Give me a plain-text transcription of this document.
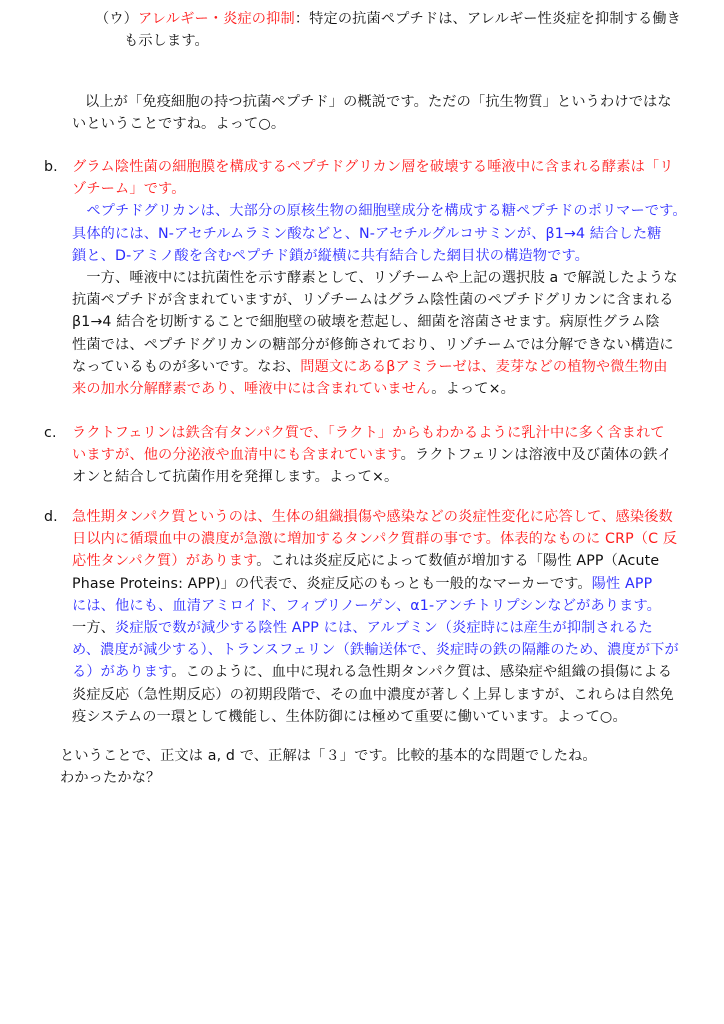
（ウ）アレルギー・炎症の抑制：特定の抗菌ペプチドは、アレルギー性炎症を抑制する働き
も示します。
以上が「免疫細胞の持つ抗菌ペプチド」の概説です。ただの「抗生物質」というわけではな
いということですね。よって○。
b. グラム陰性菌の細胞膜を構成するペプチドグリカン層を破壊する唾液中に含まれる酵素は「リ
ゾチーム」です。
　ペプチドグリカンは、大部分の原核生物の細胞壁成分を構成する糖ペプチドのポリマーです。
具体的には、N-アセチルムラミン酸などと、N-アセチルグルコサミンが、β1→4 結合した糖
鎖と、D-アミノ酸を含むペプチド鎖が縦横に共有結合した網目状の構造物です。
　一方、唾液中には抗菌性を示す酵素として、リゾチームや上記の選択肢 a で解説したような
抗菌ペプチドが含まれていますが、リゾチームはグラム陰性菌のペプチドグリカンに含まれる
β1→4 結合を切断することで細胞壁の破壊を惹起し、細菌を溶菌させます。病原性グラム陰
性菌では、ペプチドグリカンの糖部分が修飾されており、リゾチームでは分解できない構造に
なっているものが多いです。なお、問題文にあるβアミラーゼは、麦芽などの植物や微生物由
来の加水分解酵素であり、唾液中には含まれていません。よって×。
c. ラクトフェリンは鉄含有タンパク質で、「ラクト」からもわかるように乳汁中に多く含まれて
いますが、他の分泌液や血清中にも含まれています。ラクトフェリンは溶液中及び菌体の鉄イ
オンと結合して抗菌作用を発揮します。よって×。
d. 急性期タンパク質というのは、生体の組織損傷や感染などの炎症性変化に応答して、感染後数
日以内に循環血中の濃度が急激に増加するタンパク質群の事です。体表的なものに CRP（C 反
応性タンパク質）があります。これは炎症反応によって数値が増加する「陽性 APP（Acute
Phase Proteins: APP)」の代表で、炎症反応のもっとも一般的なマーカーです。陽性 APP
には、他にも、血清アミロイド、フィブリノーゲン、α1-アンチトリプシンなどがあります。
一方、炎症版で数が減少する陰性 APP には、アルブミン（炎症時には産生が抑制されるた
め、濃度が減少する）、トランスフェリン（鉄輸送体で、炎症時の鉄の隔離のため、濃度が下が
る）があります。このように、血中に現れる急性期タンパク質は、感染症や組織の損傷による
炎症反応（急性期反応）の初期段階で、その血中濃度が著しく上昇しますが、これらは自然免
疫システムの一環として機能し、生体防御には極めて重要に働いています。よって○。
ということで、正文は a, d で、正解は「３」です。比較的基本的な問題でしたね。
わかったかな？
